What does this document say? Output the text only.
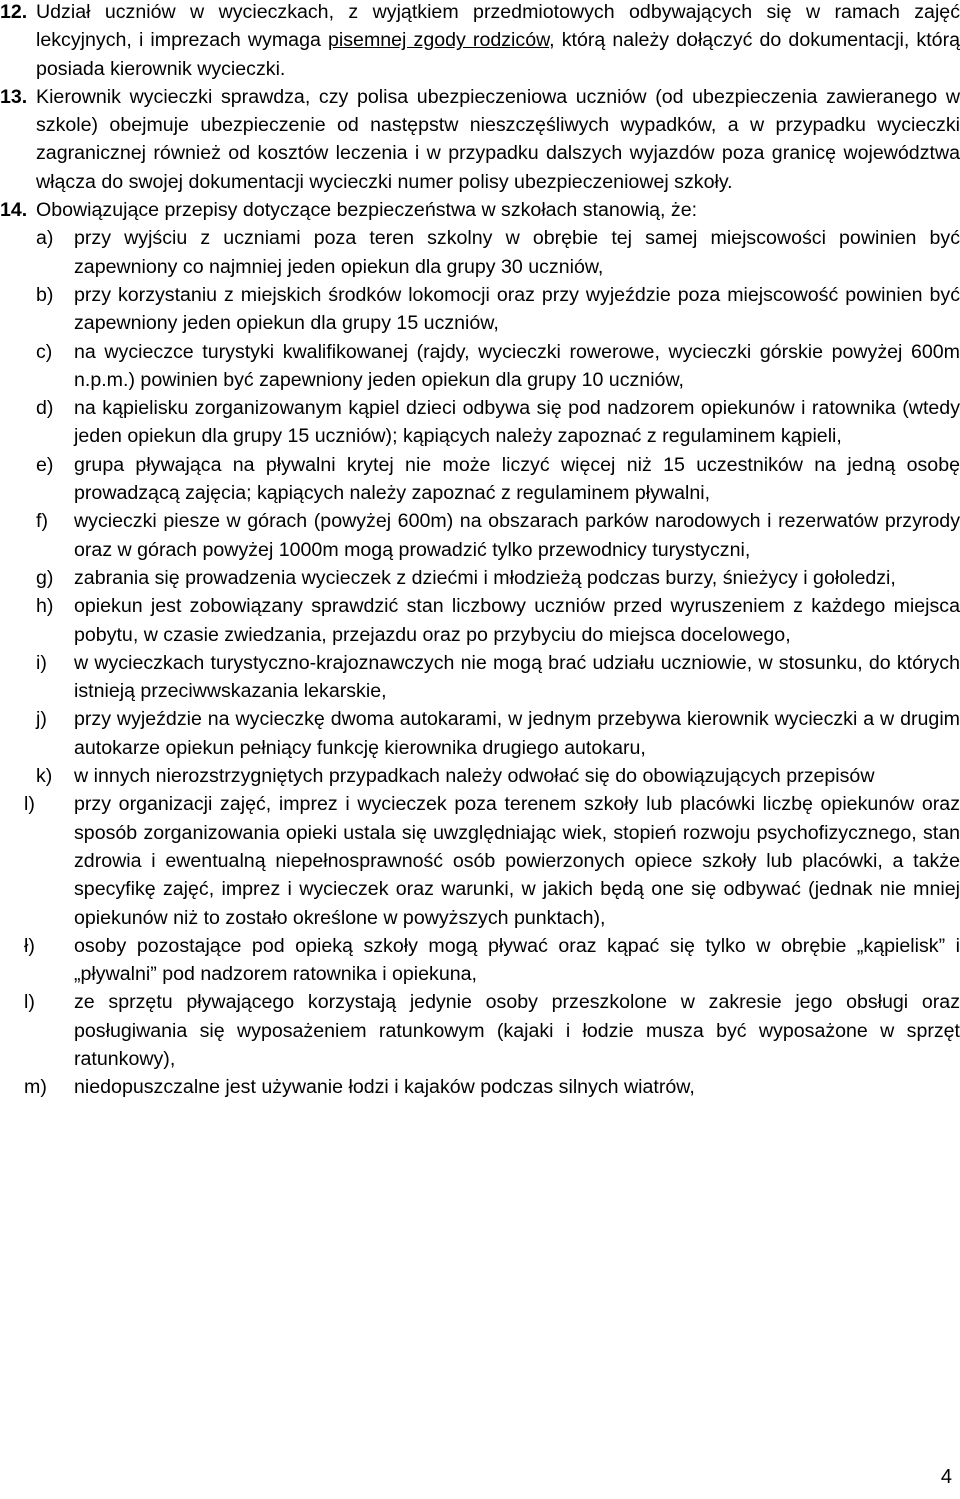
12. Udział uczniów w wycieczkach, z wyjątkiem przedmiotowych odbywających się w ramach zajęć lekcyjnych, i imprezach wymaga pisemnej zgody rodziców, którą należy dołączyć do dokumentacji, którą posiada kierownik wycieczki.

13. Kierownik wycieczki sprawdza, czy polisa ubezpieczeniowa uczniów (od ubezpieczenia zawieranego w szkole) obejmuje ubezpieczenie od następstw nieszczęśliwych wypadków, a w przypadku wycieczki zagranicznej również od kosztów leczenia i w przypadku dalszych wyjazdów poza granicę województwa włącza do swojej dokumentacji wycieczki numer polisy ubezpieczeniowej szkoły.

14. Obowiązujące przepisy dotyczące bezpieczeństwa w szkołach stanowią, że:

a) przy wyjściu z uczniami poza teren szkolny w obrębie tej samej miejscowości powinien być zapewniony co najmniej jeden opiekun dla grupy 30 uczniów,

b) przy korzystaniu z miejskich środków lokomocji oraz przy wyjeździe poza miejscowość powinien być zapewniony jeden opiekun dla grupy 15 uczniów,

c) na wycieczce turystyki kwalifikowanej (rajdy, wycieczki rowerowe, wycieczki górskie powyżej 600m n.p.m.) powinien być zapewniony jeden opiekun dla grupy 10 uczniów,

d) na kąpielisku zorganizowanym kąpiel dzieci odbywa się pod nadzorem opiekunów i ratownika (wtedy jeden opiekun dla grupy 15 uczniów); kąpiących należy zapoznać z regulaminem kąpieli,

e) grupa pływająca na pływalni krytej nie może liczyć więcej niż 15 uczestników na jedną osobę prowadzącą zajęcia; kąpiących należy zapoznać z regulaminem pływalni,

f) wycieczki piesze w górach (powyżej 600m) na obszarach parków narodowych i rezerwatów przyrody oraz w górach powyżej 1000m mogą prowadzić tylko przewodnicy turystyczni,

g) zabrania się prowadzenia wycieczek z dziećmi i młodzieżą podczas burzy, śnieżycy i gołoledzi,

h) opiekun jest zobowiązany sprawdzić stan liczbowy uczniów przed wyruszeniem z każdego miejsca pobytu, w czasie zwiedzania, przejazdu oraz po przybyciu do miejsca docelowego,

i) w wycieczkach turystyczno-krajoznawczych nie mogą brać udziału uczniowie, w stosunku, do których istnieją przeciwwskazania lekarskie,

j) przy wyjeździe na wycieczkę dwoma autokarami, w jednym przebywa kierownik wycieczki a w drugim autokarze opiekun pełniący funkcję kierownika drugiego autokaru,

k) w innych nierozstrzygniętych przypadkach należy odwołać się do obowiązujących przepisów

l) przy organizacji zajęć, imprez i wycieczek poza terenem szkoły lub placówki liczbę opiekunów oraz sposób zorganizowania opieki ustala się uwzględniając wiek, stopień rozwoju psychofizycznego, stan zdrowia i ewentualną niepełnosprawność osób powierzonych opiece szkoły lub placówki, a także specyfikę zajęć, imprez i wycieczek oraz warunki, w jakich będą one się odbywać (jednak nie mniej opiekunów niż to zostało określone w powyższych punktach),

ł) osoby pozostające pod opieką szkoły mogą pływać oraz kąpać się tylko w obrębie „kąpielisk” i „pływalni” pod nadzorem ratownika i opiekuna,

l) ze sprzętu pływającego korzystają jedynie osoby przeszkolone w zakresie jego obsługi oraz posługiwania się wyposażeniem ratunkowym (kajaki i łodzie musza być wyposażone w sprzęt ratunkowy),

m) niedopuszczalne jest używanie łodzi i kajaków podczas silnych wiatrów,

4
